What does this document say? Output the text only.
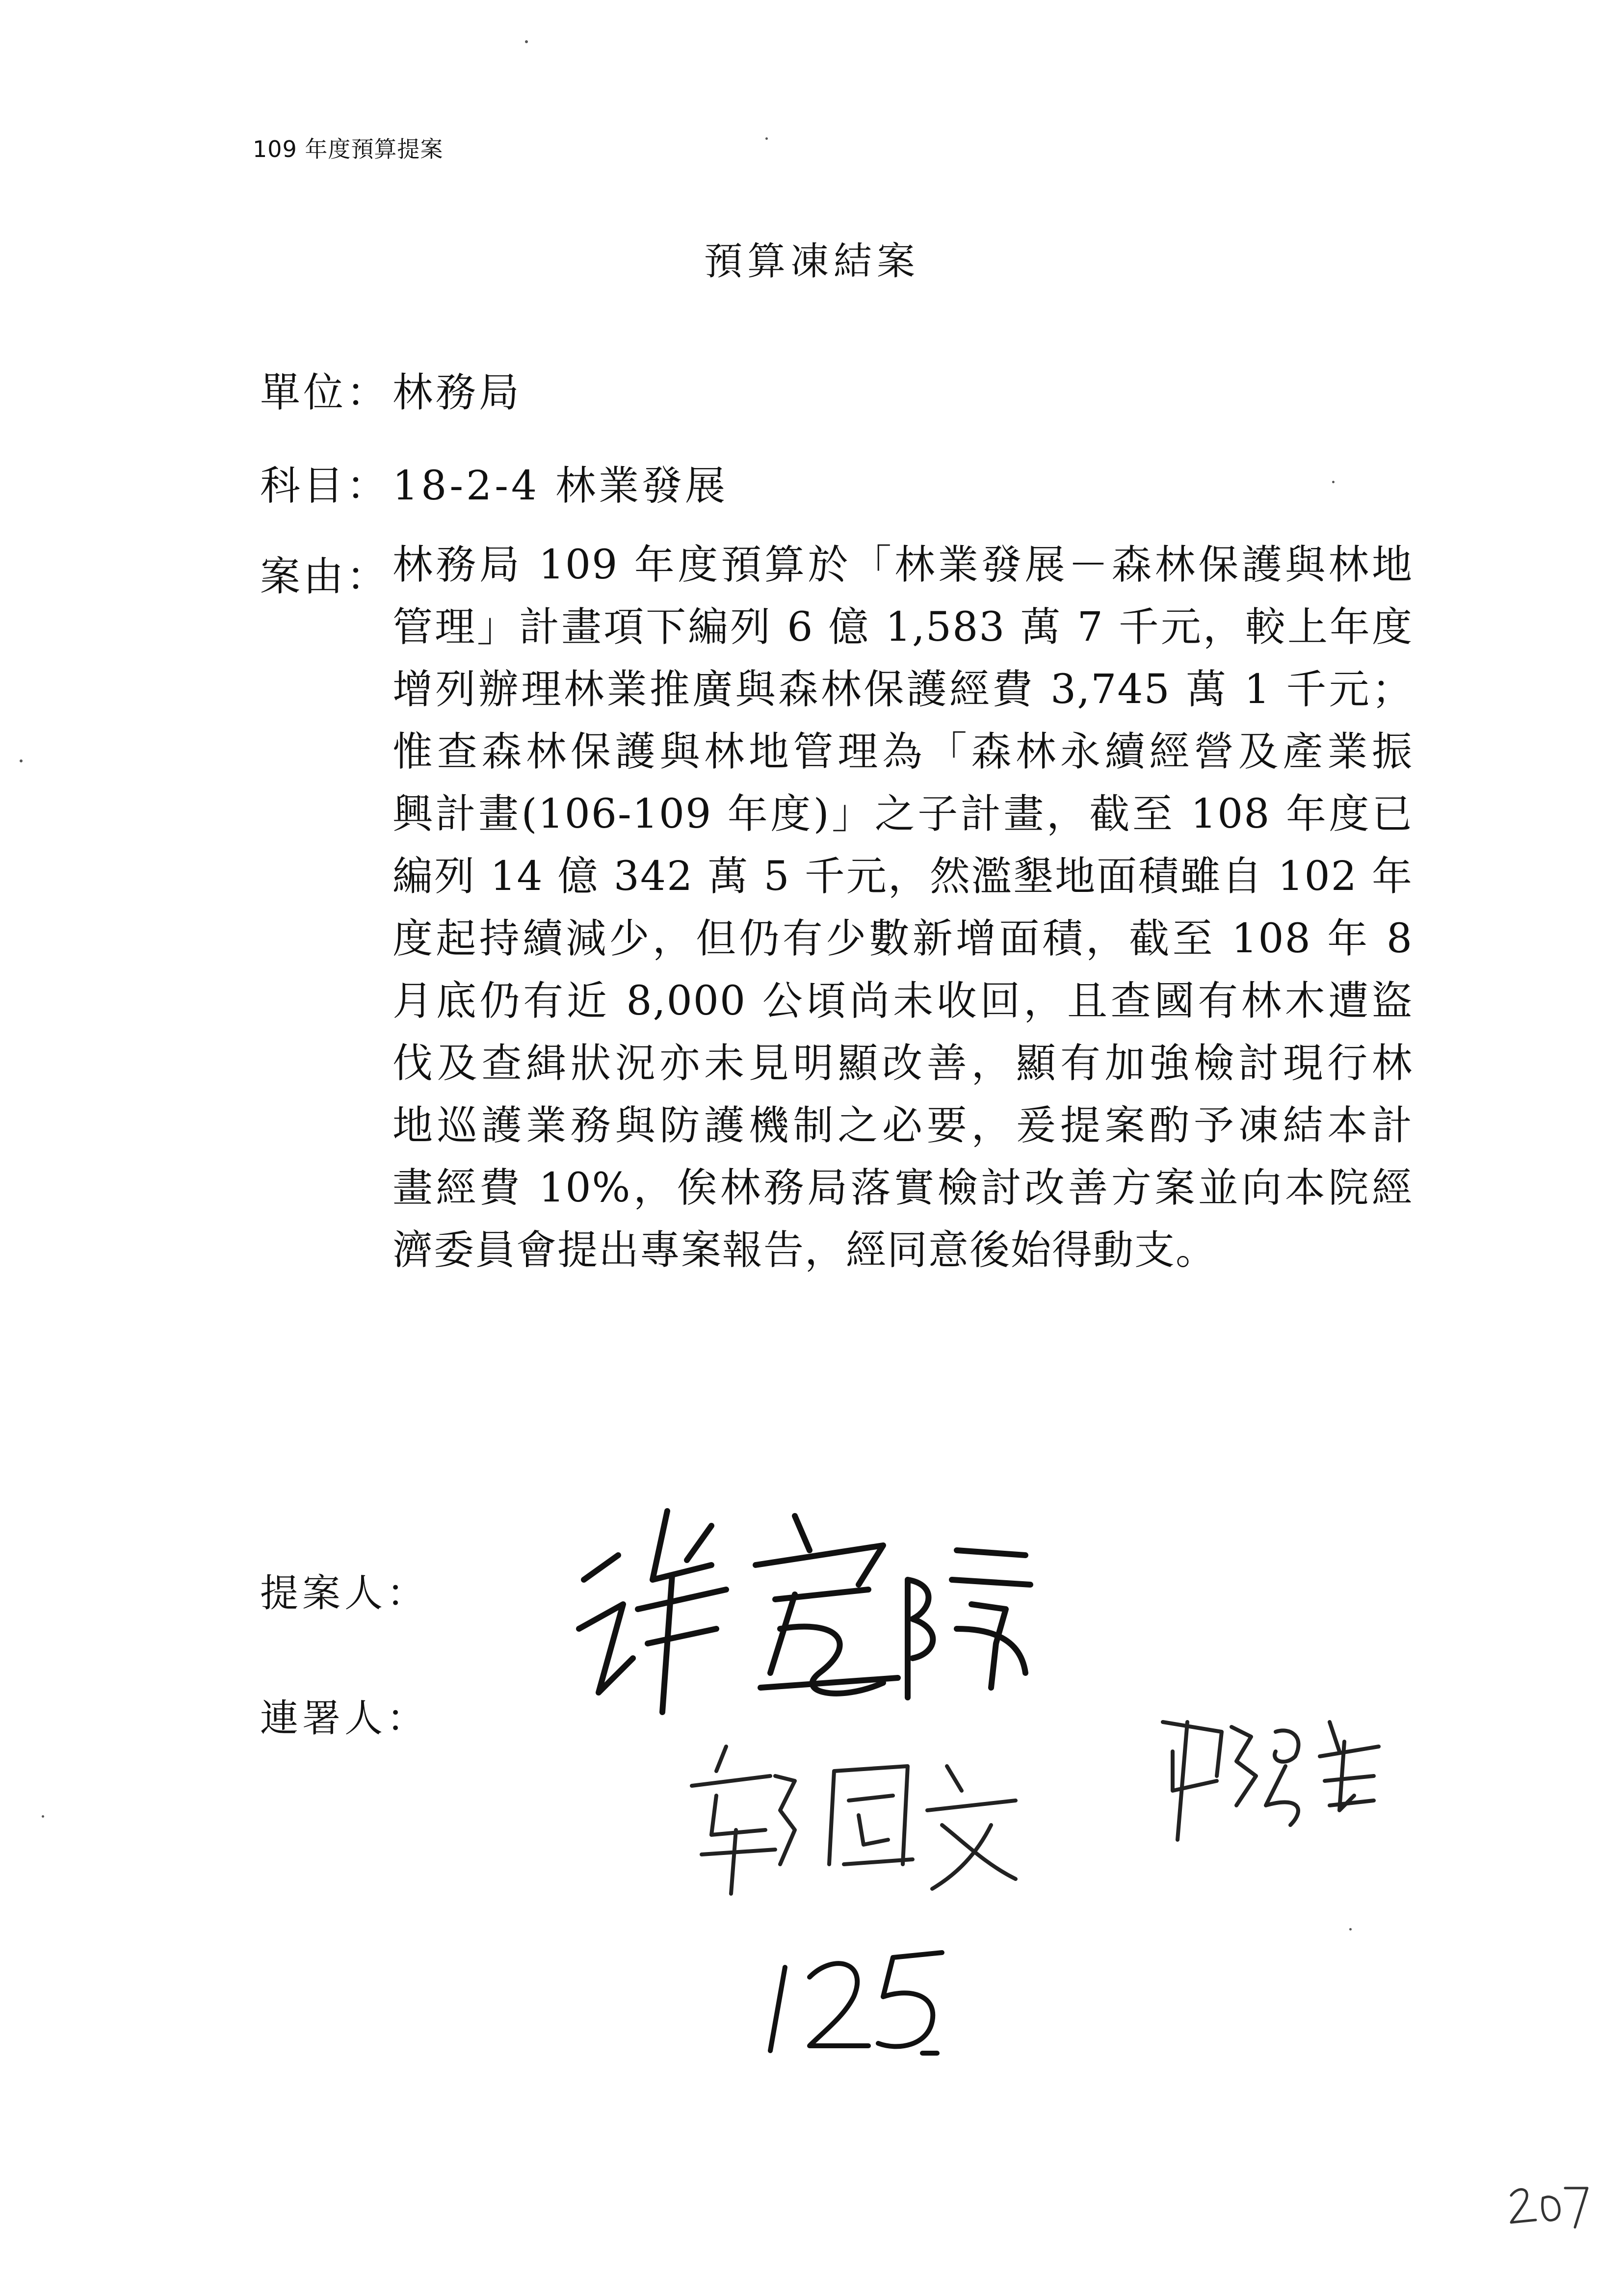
109 年度預算提案
預算凍結案
單位：林務局
科目：18-2-4 林業發展
案由： 林務局 109 年度預算於「林業發展－森林保護與林地
管理」計畫項下編列 6 億 1,583 萬 7 千元，較上年度
增列辦理林業推廣與森林保護經費 3,745 萬 1 千元；
惟查森林保護與林地管理為「森林永續經營及產業振
興計畫(106-109 年度)」之子計畫，截至 108 年度已
編列 14 億 342 萬 5 千元，然濫墾地面積雖自 102 年
度起持續減少，但仍有少數新增面積，截至 108 年 8
月底仍有近 8,000 公頃尚未收回，且查國有林木遭盜
伐及查緝狀況亦未見明顯改善，顯有加強檢討現行林
地巡護業務與防護機制之必要，爰提案酌予凍結本計
畫經費 10%，俟林務局落實檢討改善方案並向本院經
濟委員會提出專案報告，經同意後始得動支。
提案人：
連署人：
